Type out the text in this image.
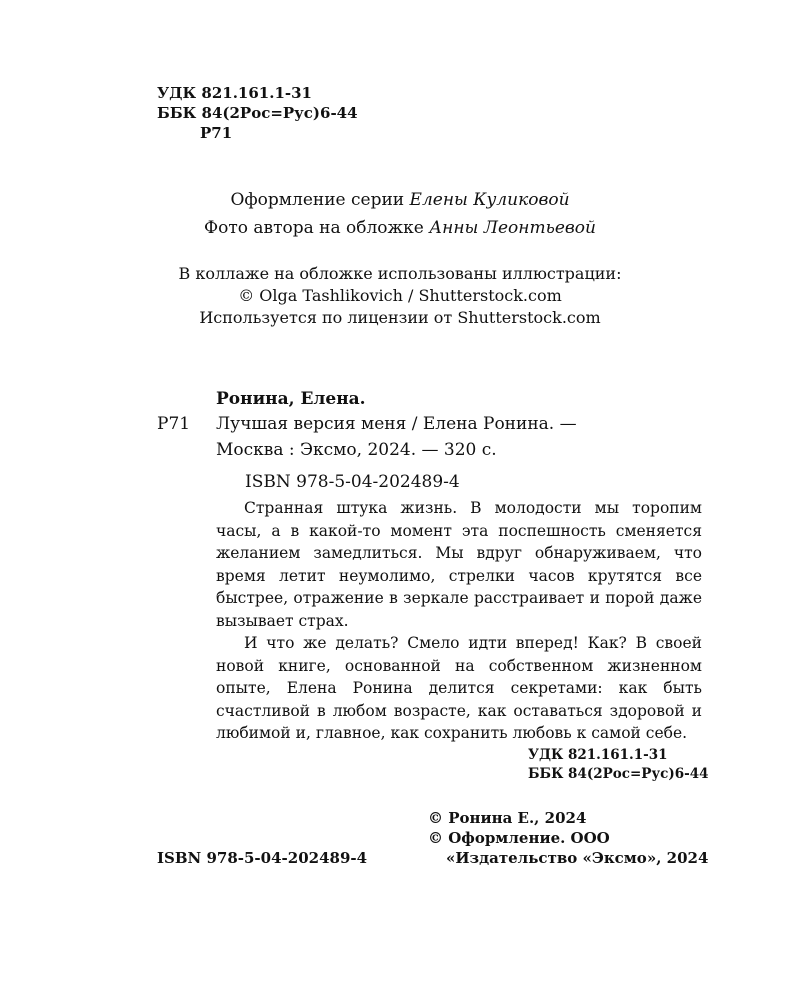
УДК 821.161.1-31
ББК 84(2Рос=Рус)6-44
Р71
Оформление серии Елены Куликовой
Фото автора на обложке Анны Леонтьевой
В коллаже на обложке использованы иллюстрации:
© Olga Tashlikovich / Shutterstock.com
Используется по лицензии от Shutterstock.com
Ронина, Елена.
Р71 Лучшая версия меня / Елена Ронина. —
Москва : Эксмо, 2024. — 320 с.
ISBN 978-5-04-202489-4

Странная штука жизнь. В молодости мы торопим часы, а в какой-то момент эта поспешность сменяется желанием замедлиться. Мы вдруг обнаруживаем, что время летит неумолимо, стрелки часов крутятся все быстрее, отражение в зеркале расстраивает и порой даже вызывает страх.

И что же делать? Смело идти вперед! Как? В своей новой книге, основанной на собственном жизненном опыте, Елена Ронина делится секретами: как быть счастливой в любом возрасте, как оставаться здоровой и любимой и, главное, как сохранить любовь к самой себе.

УДК 821.161.1-31
ББК 84(2Рос=Рус)6-44
ISBN 978-5-04-202489-4
© Ронина Е., 2024
© Оформление. ООО
«Издательство «Эксмо», 2024
